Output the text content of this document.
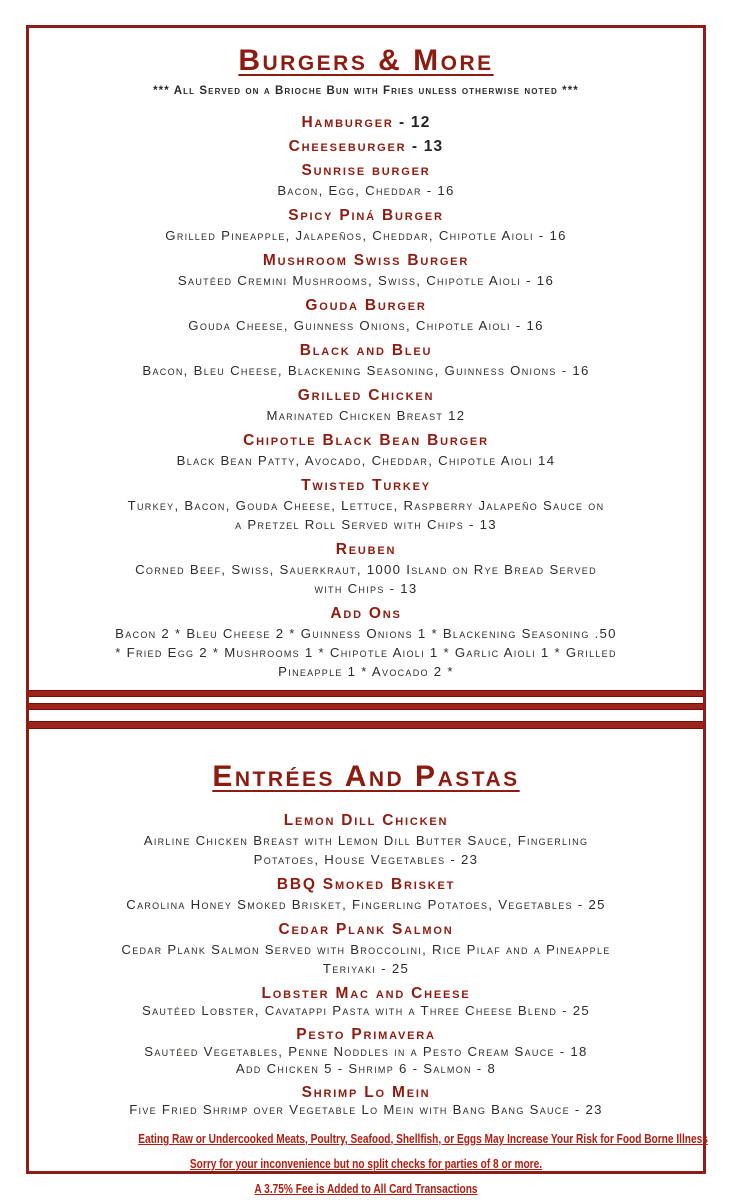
Burgers & More
*** All Served on a Brioche Bun with Fries unless otherwise noted ***
Hamburger - 12
Cheeseburger - 13
Sunrise burger
Bacon, Egg, Cheddar - 16
Spicy Piná Burger
Grilled Pineapple, Jalapeños, Cheddar, Chipotle Aioli - 16
Mushroom Swiss Burger
Sautéed Cremini Mushrooms, Swiss, Chipotle Aioli - 16
Gouda Burger
Gouda Cheese, Guinness Onions, Chipotle Aioli - 16
Black and Bleu
Bacon, Bleu Cheese, Blackening Seasoning, Guinness Onions - 16
Grilled Chicken
Marinated Chicken Breast 12
Chipotle Black Bean Burger
Black Bean Patty, Avocado, Cheddar, Chipotle Aioli 14
Twisted Turkey
Turkey, Bacon, Gouda Cheese, Lettuce, Raspberry Jalapeño Sauce on
a Pretzel Roll Served with Chips - 13
Reuben
Corned Beef, Swiss, Sauerkraut, 1000 Island on Rye Bread Served
with Chips - 13
Add Ons
Bacon 2 * Bleu Cheese 2 * Guinness Onions 1 * Blackening Seasoning .50
* Fried Egg 2 * Mushrooms 1 * Chipotle Aioli 1 * Garlic Aioli 1 * Grilled
Pineapple 1 * Avocado 2 *
Entrées And Pastas
Lemon Dill Chicken
Airline Chicken Breast with Lemon Dill Butter Sauce, Fingerling
Potatoes, House Vegetables - 23
BBQ Smoked Brisket
Carolina Honey Smoked Brisket, Fingerling Potatoes, Vegetables - 25
Cedar Plank Salmon
Cedar Plank Salmon Served with Broccolini, Rice Pilaf and a Pineapple
Teriyaki - 25
Lobster Mac and Cheese
Sautéed Lobster, Cavatappi Pasta with a Three Cheese Blend - 25
Pesto Primavera
Sautéed Vegetables, Penne Noddles in a Pesto Cream Sauce - 18
Add Chicken 5 - Shrimp 6 - Salmon - 8
Shrimp Lo Mein
Five Fried Shrimp over Vegetable Lo Mein with Bang Bang Sauce - 23
Eating Raw or Undercooked Meats, Poultry, Seafood, Shellfish, or Eggs May Increase Your Risk for Food Borne Illness
Sorry for your inconvenience but no split checks for parties of 8 or more.
A 3.75% Fee is Added to All Card Transactions
